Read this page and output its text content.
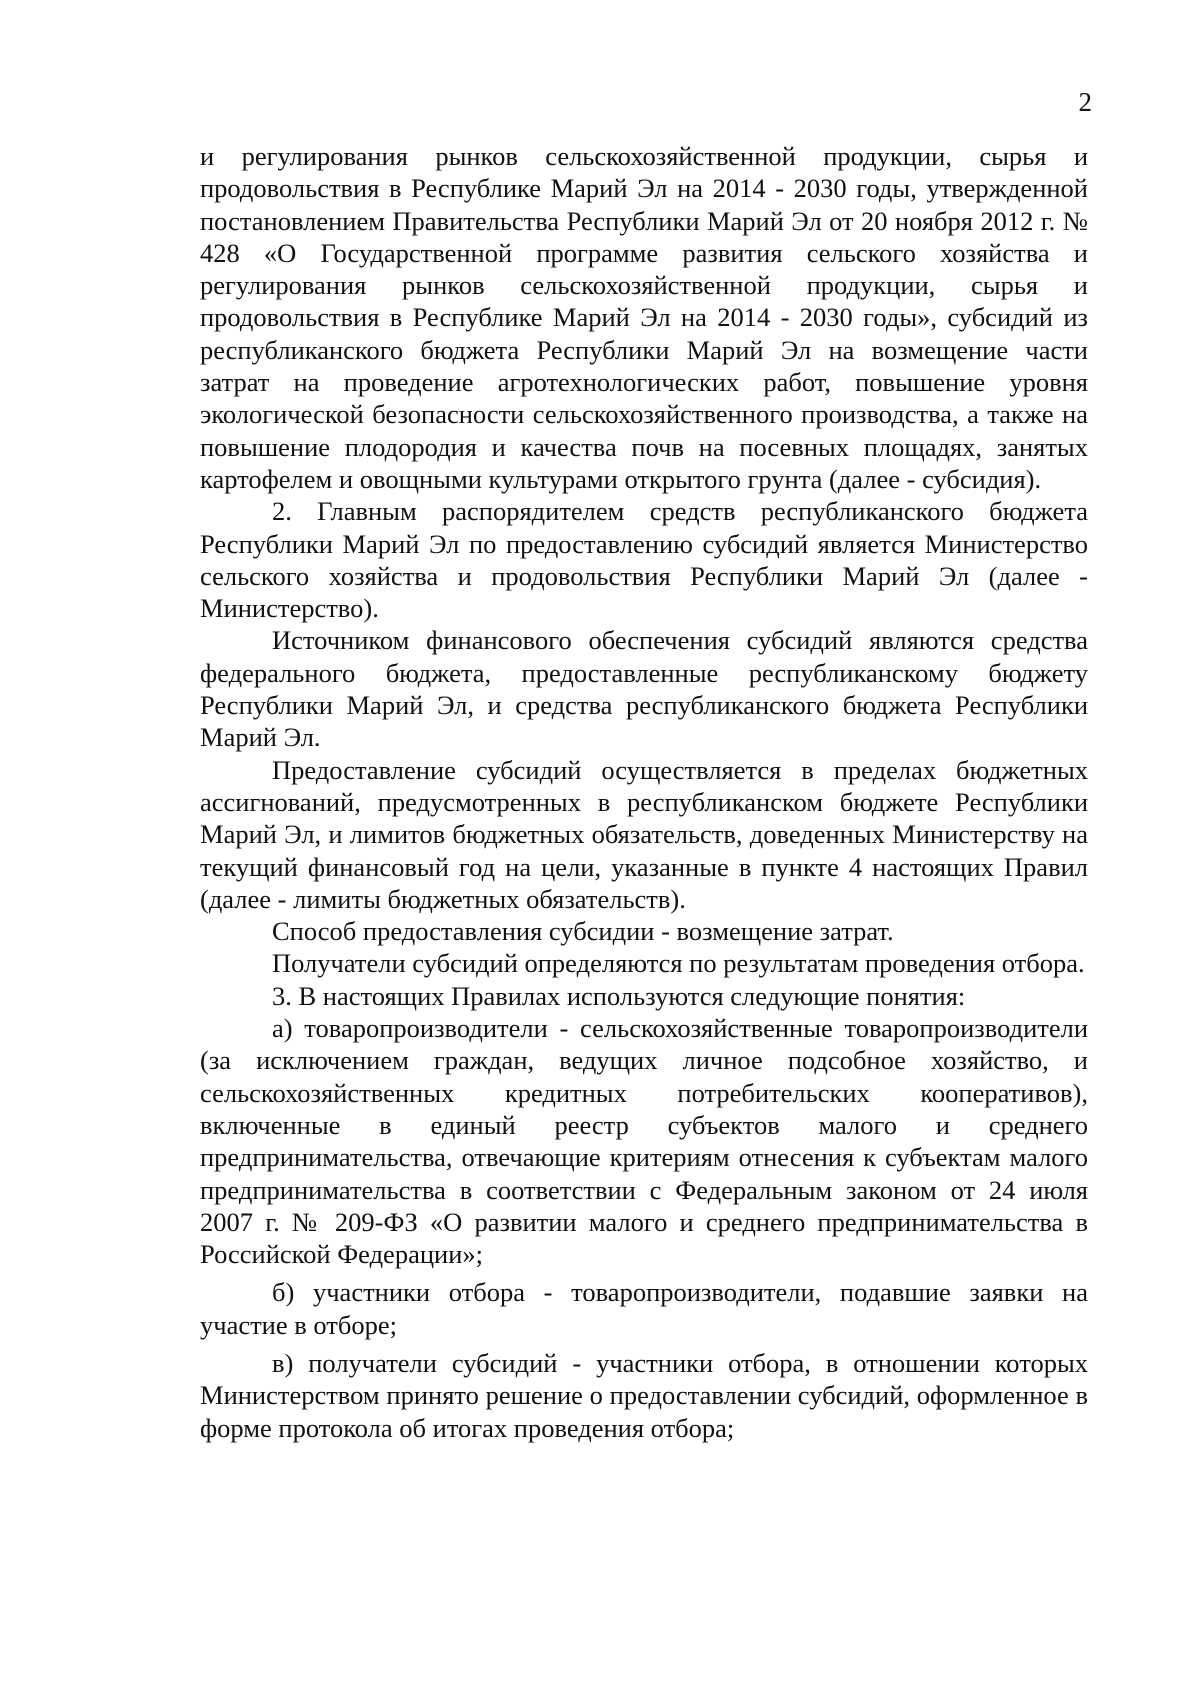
2

и регулирования рынков сельскохозяйственной продукции, сырья и продовольствия в Республике Марий Эл на 2014 - 2030 годы, утвержденной постановлением Правительства Республики Марий Эл от 20 ноября 2012 г. № 428 «О Государственной программе развития сельского хозяйства и регулирования рынков сельскохозяйственной продукции, сырья и продовольствия в Республике Марий Эл на 2014 - 2030 годы», субсидий из республиканского бюджета Республики Марий Эл на возмещение части затрат на проведение агротехнологических работ, повышение уровня экологической безопасности сельскохозяйственного производства, а также на повышение плодородия и качества почв на посевных площадях, занятых картофелем и овощными культурами открытого грунта (далее - субсидия).

2. Главным распорядителем средств республиканского бюджета Республики Марий Эл по предоставлению субсидий является Министерство сельского хозяйства и продовольствия Республики Марий Эл (далее - Министерство).

Источником финансового обеспечения субсидий являются средства федерального бюджета, предоставленные республиканскому бюджету Республики Марий Эл, и средства республиканского бюджета Республики Марий Эл.

Предоставление субсидий осуществляется в пределах бюджетных ассигнований, предусмотренных в республиканском бюджете Республики Марий Эл, и лимитов бюджетных обязательств, доведенных Министерству на текущий финансовый год на цели, указанные в пункте 4 настоящих Правил (далее - лимиты бюджетных обязательств).

Способ предоставления субсидии - возмещение затрат.

Получатели субсидий определяются по результатам проведения отбора.

3. В настоящих Правилах используются следующие понятия:

а) товаропроизводители - сельскохозяйственные товаропроизводители (за исключением граждан, ведущих личное подсобное хозяйство, и сельскохозяйственных кредитных потребительских кооперативов), включенные в единый реестр субъектов малого и среднего предпринимательства, отвечающие критериям отнесения к субъектам малого предпринимательства в соответствии с Федеральным законом от 24 июля 2007 г. № 209-ФЗ «О развитии малого и среднего предпринимательства в Российской Федерации»;

б) участники отбора - товаропроизводители, подавшие заявки на участие в отборе;

в) получатели субсидий - участники отбора, в отношении которых Министерством принято решение о предоставлении субсидий, оформленное в форме протокола об итогах проведения отбора;
